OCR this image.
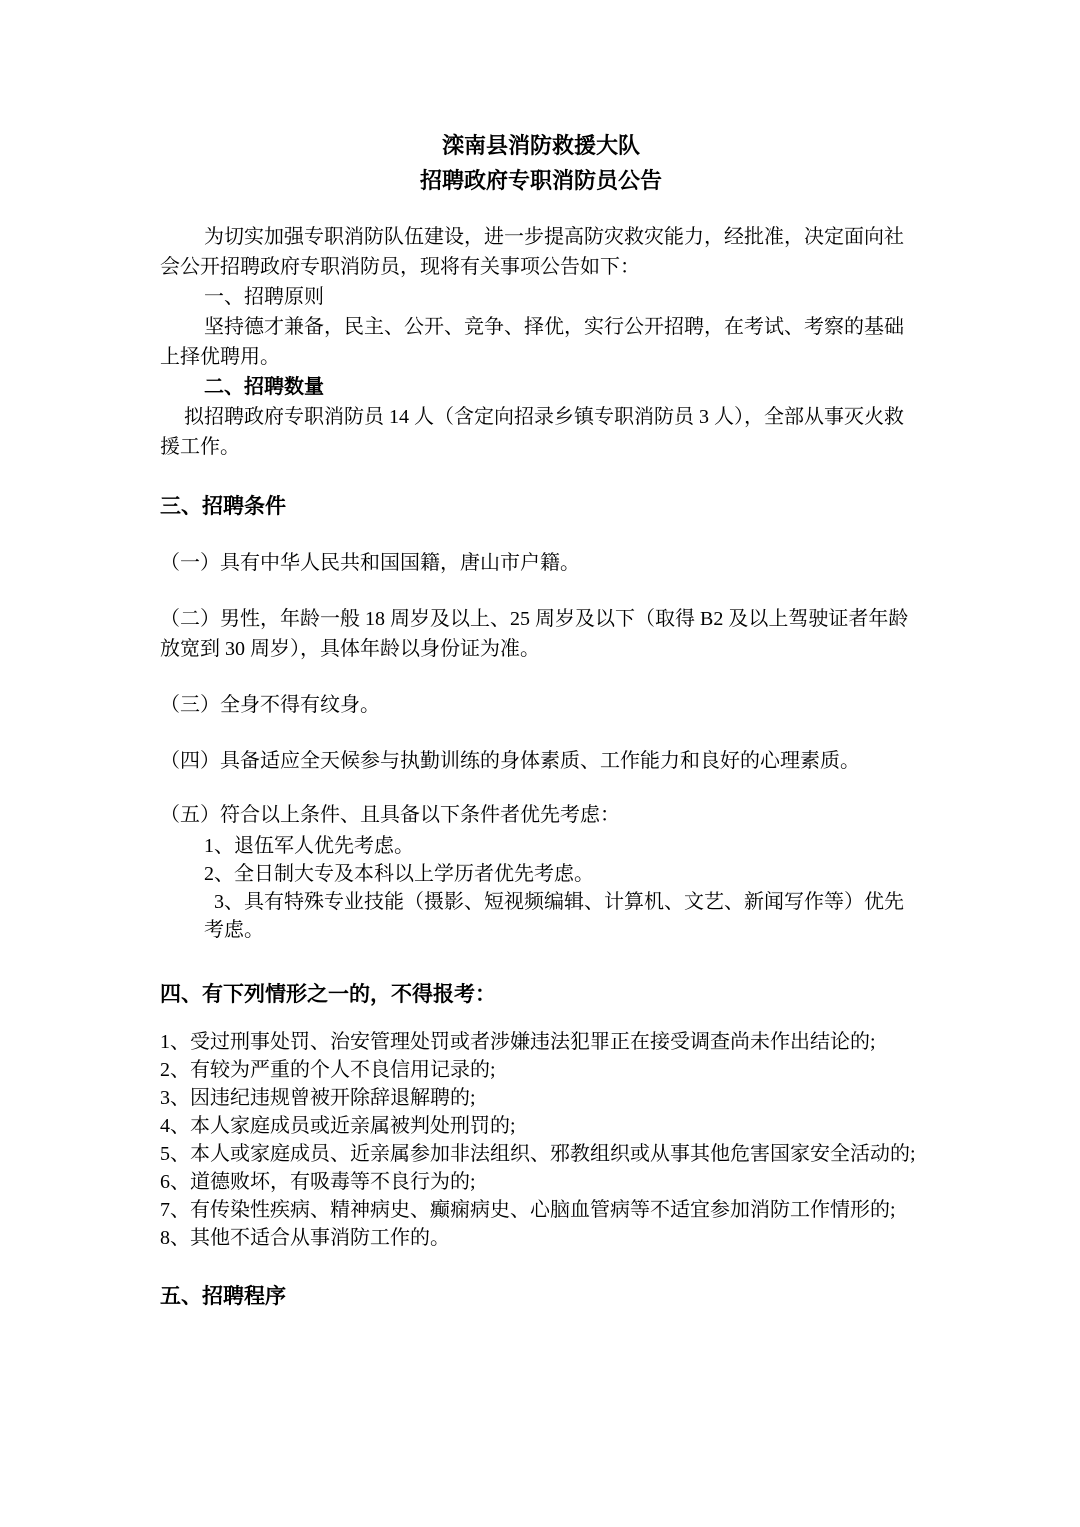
滦南县消防救援大队
招聘政府专职消防员公告

为切实加强专职消防队伍建设，进一步提高防灾救灾能力，经批准，决定面向社会公开招聘政府专职消防员，现将有关事项公告如下：

一、招聘原则

坚持德才兼备，民主、公开、竞争、择优，实行公开招聘，在考试、考察的基础上择优聘用。

二、招聘数量

拟招聘政府专职消防员 14 人（含定向招录乡镇专职消防员 3 人），全部从事灭火救援工作。

三、招聘条件

（一）具有中华人民共和国国籍，唐山市户籍。

（二）男性，年龄一般 18 周岁及以上、25 周岁及以下（取得 B2 及以上驾驶证者年龄放宽到 30 周岁），具体年龄以身份证为准。

（三）全身不得有纹身。

（四）具备适应全天候参与执勤训练的身体素质、工作能力和良好的心理素质。

（五）符合以上条件、且具备以下条件者优先考虑：

1、退伍军人优先考虑。

2、全日制大专及本科以上学历者优先考虑。

3、具有特殊专业技能（摄影、短视频编辑、计算机、文艺、新闻写作等）优先考虑。

四、有下列情形之一的，不得报考：

1、受过刑事处罚、治安管理处罚或者涉嫌违法犯罪正在接受调查尚未作出结论的;

2、有较为严重的个人不良信用记录的;

3、因违纪违规曾被开除辞退解聘的;

4、本人家庭成员或近亲属被判处刑罚的;

5、本人或家庭成员、近亲属参加非法组织、邪教组织或从事其他危害国家安全活动的;

6、道德败坏，有吸毒等不良行为的;

7、有传染性疾病、精神病史、癫痫病史、心脑血管病等不适宜参加消防工作情形的;

8、其他不适合从事消防工作的。

五、招聘程序
